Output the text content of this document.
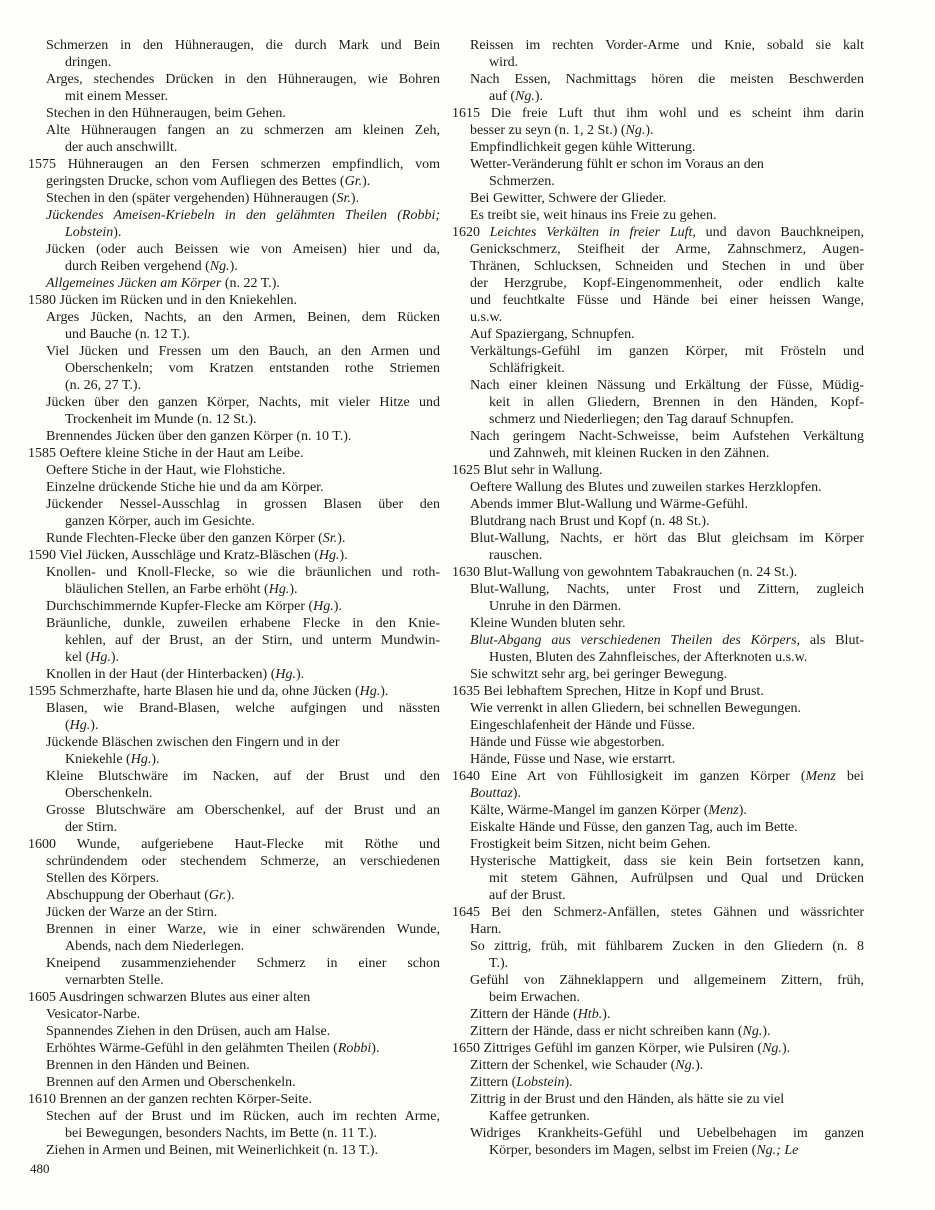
Schmerzen in den Hühneraugen, die durch Mark und Bein
dringen.
Arges, stechendes Drücken in den Hühneraugen, wie Bohren
mit einem Messer.
Stechen in den Hühneraugen, beim Gehen.
Alte Hühneraugen fangen an zu schmerzen am kleinen Zeh,
der auch anschwillt.
1575 Hühneraugen an den Fersen schmerzen empfindlich, vom
geringsten Drucke, schon vom Aufliegen des Bettes (Gr.).
Stechen in den (später vergehenden) Hühneraugen (Sr.).
Jückendes Ameisen-Kriebeln in den gelähmten Theilen (Robbi;
Lobstein).
Jücken (oder auch Beissen wie von Ameisen) hier und da,
durch Reiben vergehend (Ng.).
Allgemeines Jücken am Körper (n. 22 T.).
1580 Jücken im Rücken und in den Kniekehlen.
Arges Jücken, Nachts, an den Armen, Beinen, dem Rücken
und Bauche (n. 12 T.).
Viel Jücken und Fressen um den Bauch, an den Armen und
Oberschenkeln; vom Kratzen entstanden rothe Striemen
(n. 26, 27 T.).
Jücken über den ganzen Körper, Nachts, mit vieler Hitze und
Trockenheit im Munde (n. 12 St.).
Brennendes Jücken über den ganzen Körper (n. 10 T.).
1585 Oeftere kleine Stiche in der Haut am Leibe.
Oeftere Stiche in der Haut, wie Flohstiche.
Einzelne drückende Stiche hie und da am Körper.
Jückender Nessel-Ausschlag in grossen Blasen über den
ganzen Körper, auch im Gesichte.
Runde Flechten-Flecke über den ganzen Körper (Sr.).
1590 Viel Jücken, Ausschläge und Kratz-Bläschen (Hg.).
Knollen- und Knoll-Flecke, so wie die bräunlichen und roth-
bläulichen Stellen, an Farbe erhöht (Hg.).
Durchschimmernde Kupfer-Flecke am Körper (Hg.).
Bräunliche, dunkle, zuweilen erhabene Flecke in den Knie-
kehlen, auf der Brust, an der Stirn, und unterm Mundwin-
kel (Hg.).
Knollen in der Haut (der Hinterbacken) (Hg.).
1595 Schmerzhafte, harte Blasen hie und da, ohne Jücken (Hg.).
Blasen, wie Brand-Blasen, welche aufgingen und nässten
(Hg.).
Jückende Bläschen zwischen den Fingern und in der
Kniekehle (Hg.).
Kleine Blutschwäre im Nacken, auf der Brust und den
Oberschenkeln.
Grosse Blutschwäre am Oberschenkel, auf der Brust und an
der Stirn.
1600 Wunde, aufgeriebene Haut-Flecke mit Röthe und
schründendem oder stechendem Schmerze, an verschiedenen
Stellen des Körpers.
Abschuppung der Oberhaut (Gr.).
Jücken der Warze an der Stirn.
Brennen in einer Warze, wie in einer schwärenden Wunde,
Abends, nach dem Niederlegen.
Kneipend zusammenziehender Schmerz in einer schon
vernarbten Stelle.
1605 Ausdringen schwarzen Blutes aus einer alten
Vesicator-Narbe.
Spannendes Ziehen in den Drüsen, auch am Halse.
Erhöhtes Wärme-Gefühl in den gelähmten Theilen (Robbi).
Brennen in den Händen und Beinen.
Brennen auf den Armen und Oberschenkeln.
1610 Brennen an der ganzen rechten Körper-Seite.
Stechen auf der Brust und im Rücken, auch im rechten Arme,
bei Bewegungen, besonders Nachts, im Bette (n. 11 T.).
Ziehen in Armen und Beinen, mit Weinerlichkeit (n. 13 T.).
Reissen im rechten Vorder-Arme und Knie, sobald sie kalt
wird.
Nach Essen, Nachmittags hören die meisten Beschwerden
auf (Ng.).
1615 Die freie Luft thut ihm wohl und es scheint ihm darin
besser zu seyn (n. 1, 2 St.) (Ng.).
Empfindlichkeit gegen kühle Witterung.
Wetter-Veränderung fühlt er schon im Voraus an den
Schmerzen.
Bei Gewitter, Schwere der Glieder.
Es treibt sie, weit hinaus ins Freie zu gehen.
1620 Leichtes Verkälten in freier Luft, und davon Bauchkneipen,
Genickschmerz, Steifheit der Arme, Zahnschmerz, Augen-
Thränen, Schlucksen, Schneiden und Stechen in und über
der Herzgrube, Kopf-Eingenommenheit, oder endlich kalte
und feuchtkalte Füsse und Hände bei einer heissen Wange,
u.s.w.
Auf Spaziergang, Schnupfen.
Verkältungs-Gefühl im ganzen Körper, mit Frösteln und
Schläfrigkeit.
Nach einer kleinen Nässung und Erkältung der Füsse, Müdig-
keit in allen Gliedern, Brennen in den Händen, Kopf-
schmerz und Niederliegen; den Tag darauf Schnupfen.
Nach geringem Nacht-Schweisse, beim Aufstehen Verkältung
und Zahnweh, mit kleinen Rucken in den Zähnen.
1625 Blut sehr in Wallung.
Oeftere Wallung des Blutes und zuweilen starkes Herzklopfen.
Abends immer Blut-Wallung und Wärme-Gefühl.
Blutdrang nach Brust und Kopf (n. 48 St.).
Blut-Wallung, Nachts, er hört das Blut gleichsam im Körper
rauschen.
1630 Blut-Wallung von gewohntem Tabakrauchen (n. 24 St.).
Blut-Wallung, Nachts, unter Frost und Zittern, zugleich
Unruhe in den Därmen.
Kleine Wunden bluten sehr.
Blut-Abgang aus verschiedenen Theilen des Körpers, als Blut-
Husten, Bluten des Zahnfleisches, der Afterknoten u.s.w.
Sie schwitzt sehr arg, bei geringer Bewegung.
1635 Bei lebhaftem Sprechen, Hitze in Kopf und Brust.
Wie verrenkt in allen Gliedern, bei schnellen Bewegungen.
Eingeschlafenheit der Hände und Füsse.
Hände und Füsse wie abgestorben.
Hände, Füsse und Nase, wie erstarrt.
1640 Eine Art von Fühllosigkeit im ganzen Körper (Menz bei
Bouttaz).
Kälte, Wärme-Mangel im ganzen Körper (Menz).
Eiskalte Hände und Füsse, den ganzen Tag, auch im Bette.
Frostigkeit beim Sitzen, nicht beim Gehen.
Hysterische Mattigkeit, dass sie kein Bein fortsetzen kann,
mit stetem Gähnen, Aufrülpsen und Qual und Drücken
auf der Brust.
1645 Bei den Schmerz-Anfällen, stetes Gähnen und wässrichter
Harn.
So zittrig, früh, mit fühlbarem Zucken in den Gliedern (n. 8
T.).
Gefühl von Zähneklappern und allgemeinem Zittern, früh,
beim Erwachen.
Zittern der Hände (Htb.).
Zittern der Hände, dass er nicht schreiben kann (Ng.).
1650 Zittriges Gefühl im ganzen Körper, wie Pulsiren (Ng.).
Zittern der Schenkel, wie Schauder (Ng.).
Zittern (Lobstein).
Zittrig in der Brust und den Händen, als hätte sie zu viel
Kaffee getrunken.
Widriges Krankheits-Gefühl und Uebelbehagen im ganzen
Körper, besonders im Magen, selbst im Freien (Ng.; Le
480
